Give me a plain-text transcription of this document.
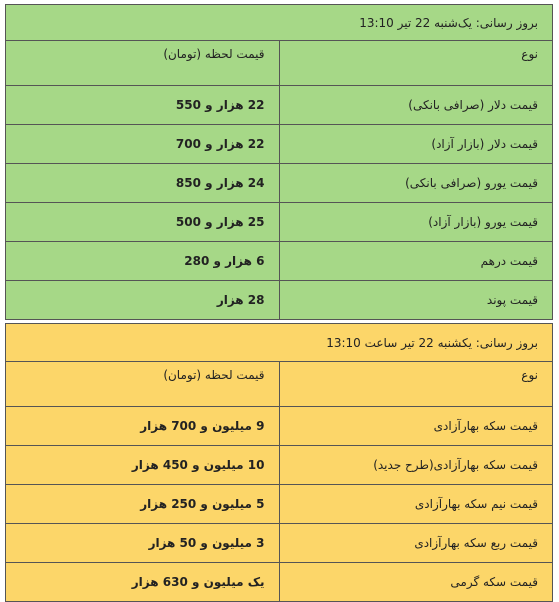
بروز رسانی: یک‌شنبه 22 تیر 13:10	
نوع	قیمت لحظه (تومان)
قیمت دلار (صرافی بانکی)	22 هزار و 550
قیمت دلار (بازار آزاد)	22 هزار و 700
قیمت یورو (صرافی بانکی)	24 هزار و 850
قیمت یورو (بازار آزاد)	25 هزار و 500
قیمت درهم	6 هزار و 280
قیمت پوند	28 هزار
بروز رسانی: یکشنبه 22 تیر ساعت 13:10	
نوع	قیمت لحظه (تومان)
قیمت سکه بهارآزادی	9 میلیون و 700 هزار
قیمت سکه بهارآزادی(طرح جدید)	10 میلیون و 450 هزار
قیمت نیم سکه بهارآزادی	5 میلیون و 250 هزار
قیمت ربع سکه بهارآزادی	3 میلیون و 50 هزار
قیمت سکه گرمی	یک میلیون و 630 هزار
